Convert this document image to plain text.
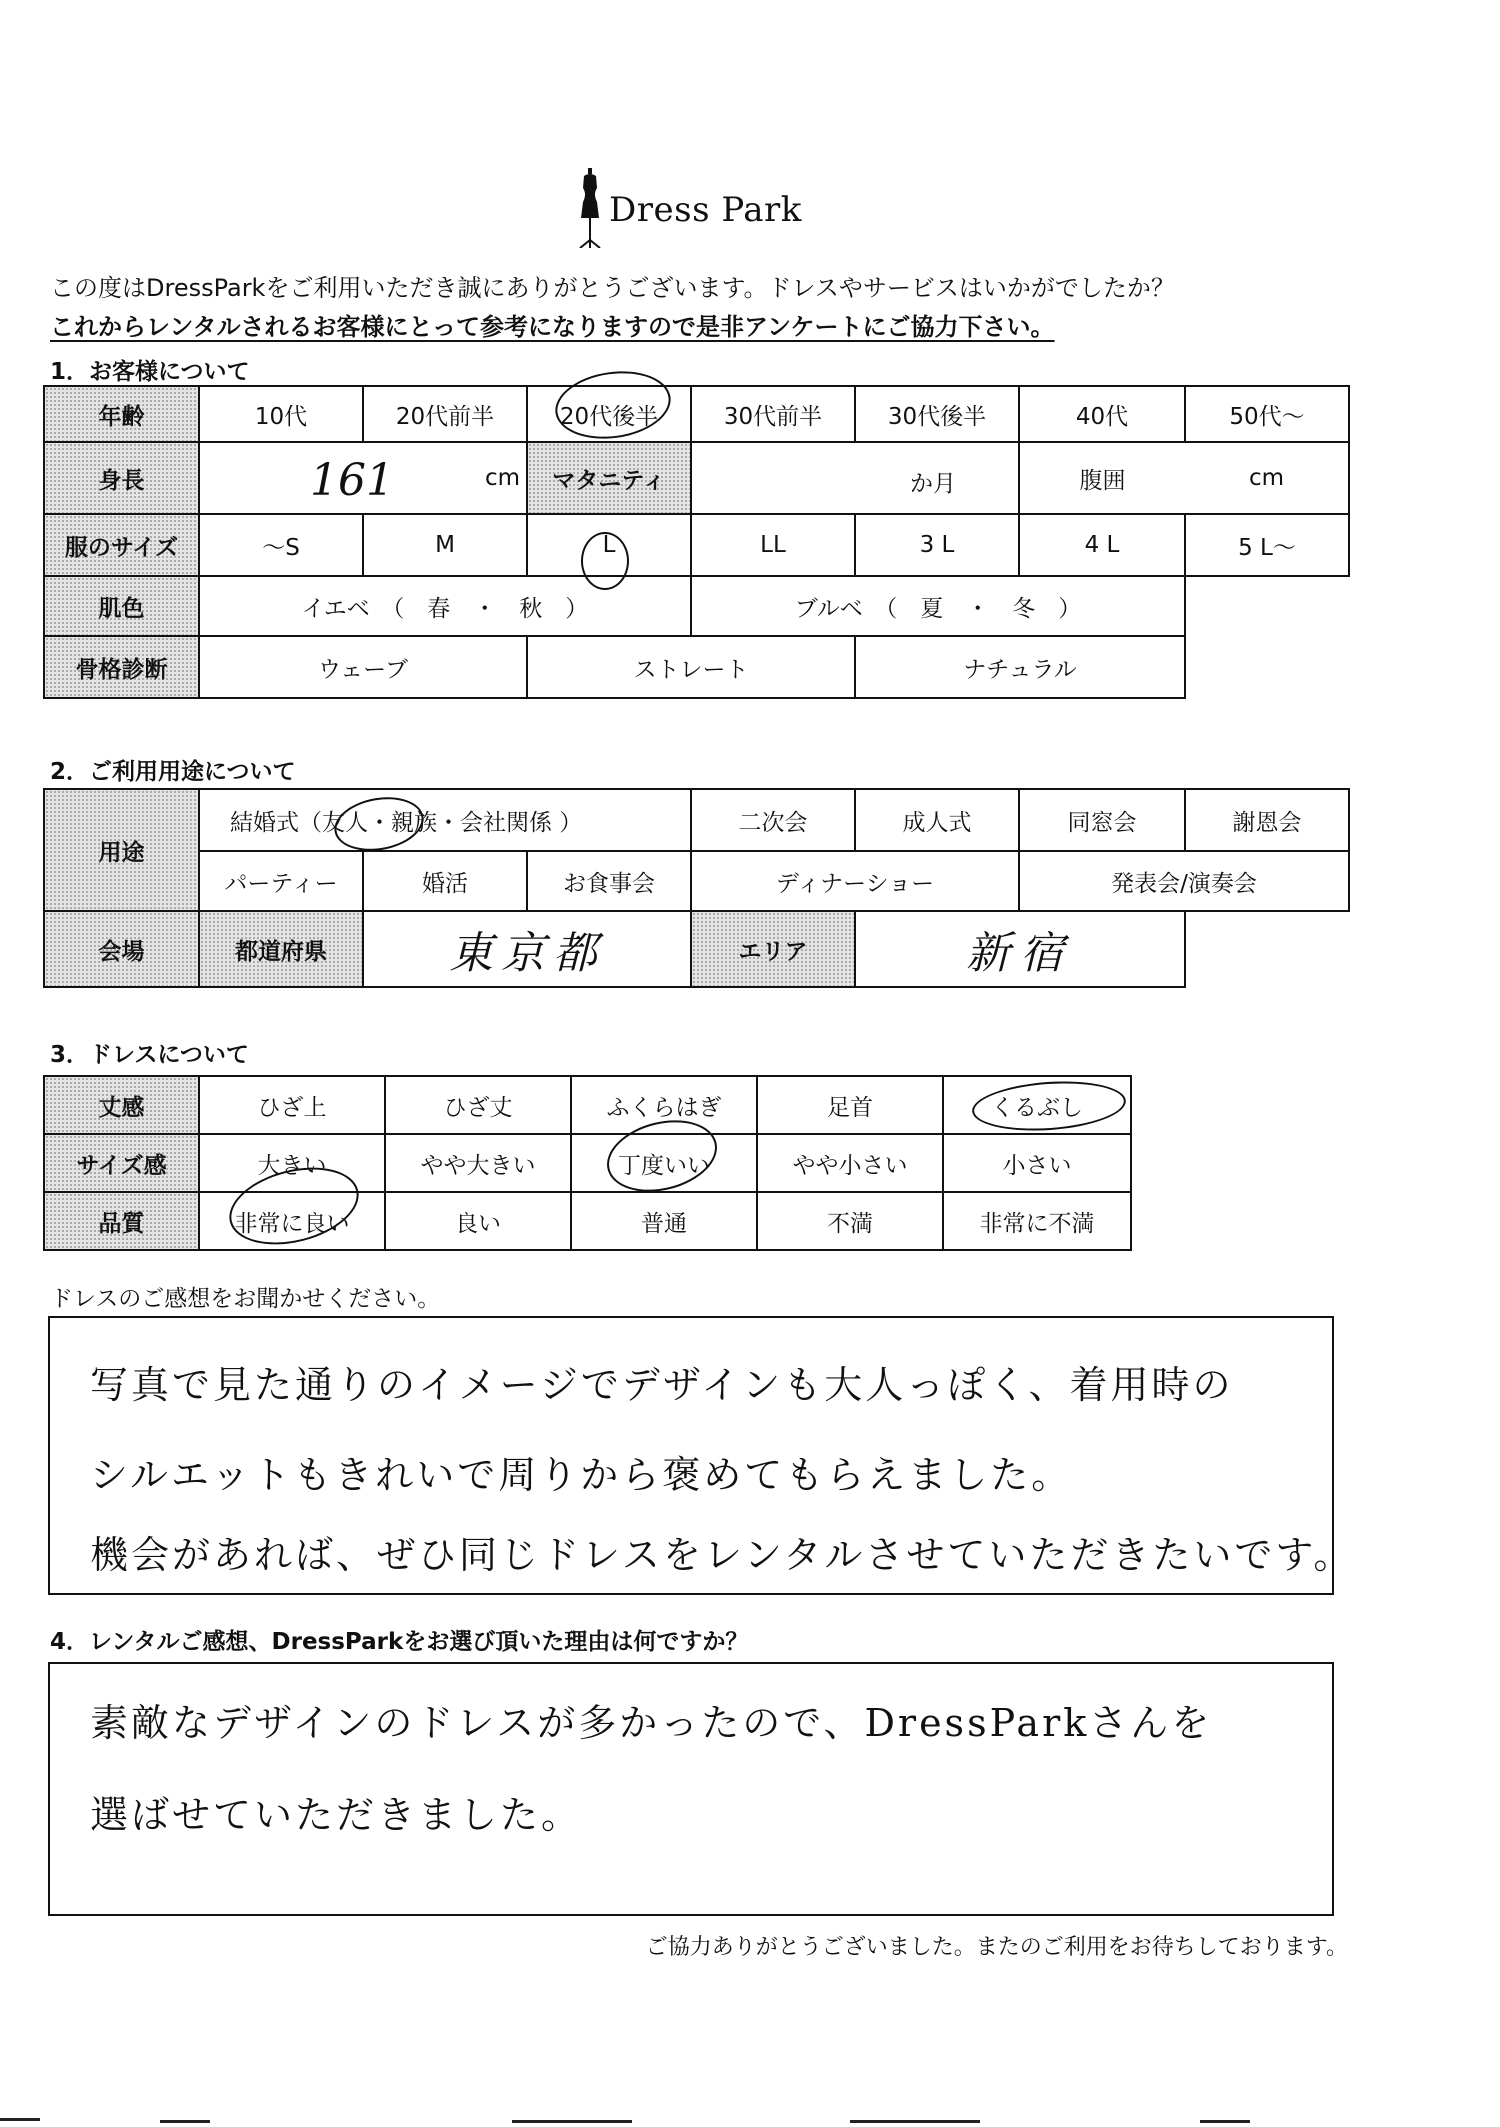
Dress Park
この度はDressParkをご利用いただき誠にありがとうございます。ドレスやサービスはいかがでしたか？
これからレンタルされるお客様にとって参考になりますので是非アンケートにご協力下さい。
1．お客様について
年齢	10代	20代前半	20代後半	30代前半	30代後半	40代	50代～
身長	161 cm		マタニティ	か月		腹囲	cm
服のサイズ	～S	M	L	LL	3 L	4 L	5 L～
肌色	イエベ　（　春　・　秋　）			ブルベ　（　夏　・　冬　）			
骨格診断	ウェーブ		ストレート		ナチュラル		
2．ご利用用途について
用途	結婚式（友人・親族・会社関係 ）			二次会	成人式	同窓会	謝恩会
	パーティー	婚活	お食事会	ディナーショー		発表会/演奏会	
会場	都道府県	東京都		エリア	新宿		
3．ドレスについて
丈感	ひざ上	ひざ丈	ふくらはぎ	足首	くるぶし
サイズ感	大きい	やや大きい	丁度いい	やや小さい	小さい
品質	非常に良い	良い	普通	不満	非常に不満
ドレスのご感想をお聞かせください。
写真で見た通りのイメージでデザインも大人っぽく、着用時の
シルエットもきれいで周りから褒めてもらえました。
機会があれば、ぜひ同じドレスをレンタルさせていただきたいです。
4．レンタルご感想、DressParkをお選び頂いた理由は何ですか？
素敵なデザインのドレスが多かったので、DressParkさんを
選ばせていただきました。
ご協力ありがとうございました。またのご利用をお待ちしております。
